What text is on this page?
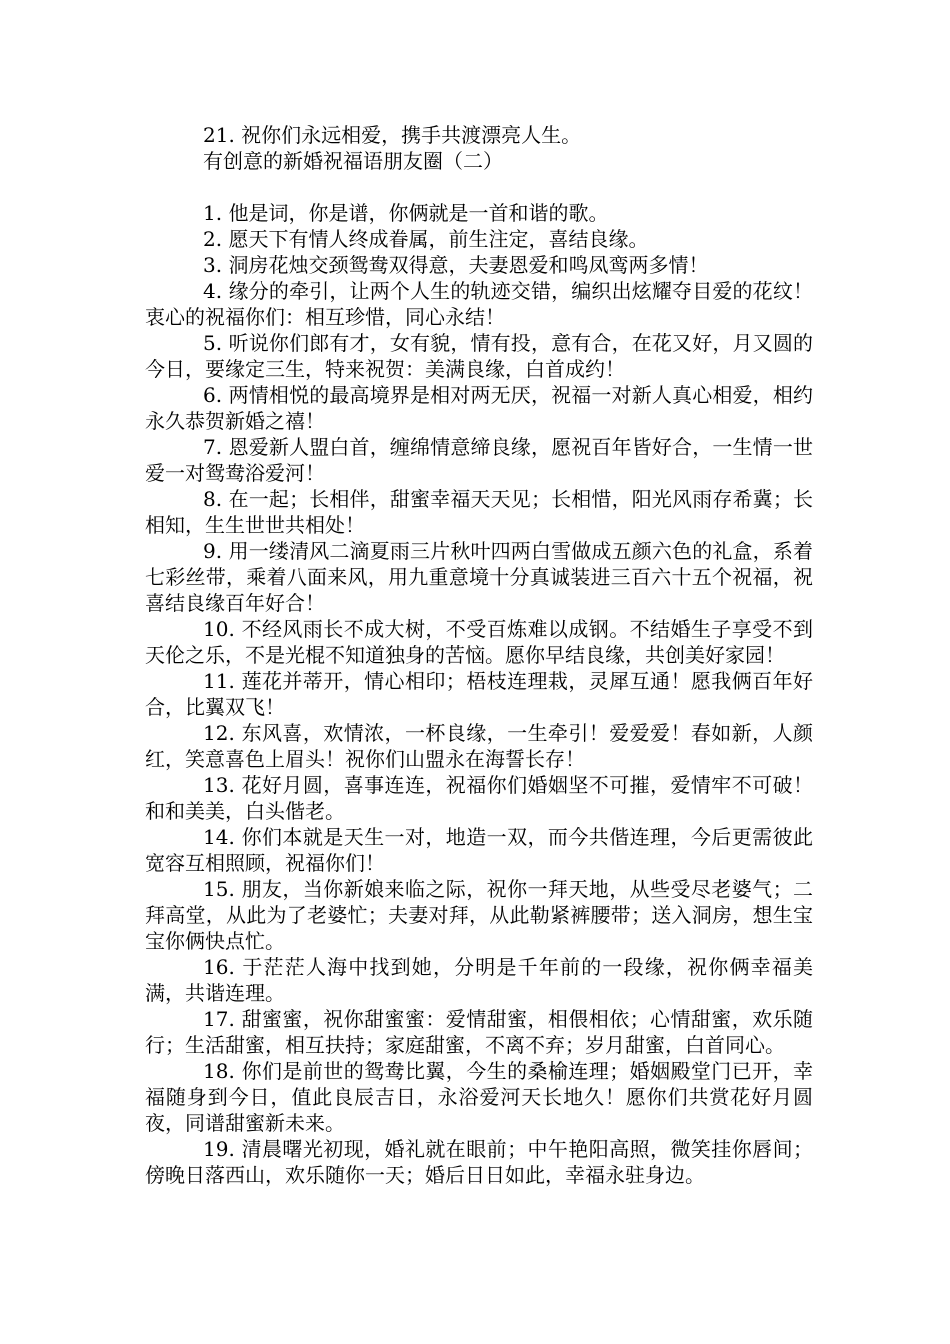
21. 祝你们永远相爱，携手共渡漂亮人生。

有创意的新婚祝福语朋友圈（二）

1. 他是词，你是谱，你俩就是一首和谐的歌。

2. 愿天下有情人终成眷属，前生注定，喜结良缘。

3. 洞房花烛交颈鸳鸯双得意，夫妻恩爱和鸣凤鸾两多情！

4. 缘分的牵引，让两个人生的轨迹交错，编织出炫耀夺目爱的花纹！衷心的祝福你们：相互珍惜，同心永结！

5. 听说你们郎有才，女有貌，情有投，意有合，在花又好，月又圆的今日，要缘定三生，特来祝贺：美满良缘，白首成约！

6. 两情相悦的最高境界是相对两无厌，祝福一对新人真心相爱，相约永久恭贺新婚之禧！

7. 恩爱新人盟白首，缠绵情意缔良缘，愿祝百年皆好合，一生情一世爱一对鸳鸯浴爱河！

8. 在一起；长相伴，甜蜜幸福天天见；长相惜，阳光风雨存希冀；长相知，生生世世共相处！

9. 用一缕清风二滴夏雨三片秋叶四两白雪做成五颜六色的礼盒，系着七彩丝带，乘着八面来风，用九重意境十分真诚装进三百六十五个祝福，祝喜结良缘百年好合！

10. 不经风雨长不成大树，不受百炼难以成钢。不结婚生子享受不到天伦之乐，不是光棍不知道独身的苦恼。愿你早结良缘，共创美好家园！

11. 莲花并蒂开，情心相印；梧枝连理栽，灵犀互通！愿我俩百年好合，比翼双飞！

12. 东风喜，欢情浓，一杯良缘，一生牵引！爱爱爱！春如新，人颜红，笑意喜色上眉头！祝你们山盟永在海誓长存！

13. 花好月圆，喜事连连，祝福你们婚姻坚不可摧，爱情牢不可破！和和美美，白头偕老。

14. 你们本就是天生一对，地造一双，而今共偕连理，今后更需彼此宽容互相照顾，祝福你们！

15. 朋友，当你新娘来临之际，祝你一拜天地，从些受尽老婆气；二拜高堂，从此为了老婆忙；夫妻对拜，从此勒紧裤腰带；送入洞房，想生宝宝你俩快点忙。

16. 于茫茫人海中找到她，分明是千年前的一段缘，祝你俩幸福美满，共谐连理。

17. 甜蜜蜜，祝你甜蜜蜜：爱情甜蜜，相偎相依；心情甜蜜，欢乐随行；生活甜蜜，相互扶持；家庭甜蜜，不离不弃；岁月甜蜜，白首同心。

18. 你们是前世的鸳鸯比翼，今生的桑榆连理；婚姻殿堂门已开，幸福随身到今日，值此良辰吉日，永浴爱河天长地久！愿你们共赏花好月圆夜，同谱甜蜜新未来。

19. 清晨曙光初现，婚礼就在眼前；中午艳阳高照，微笑挂你唇间；傍晚日落西山，欢乐随你一天；婚后日日如此，幸福永驻身边。
